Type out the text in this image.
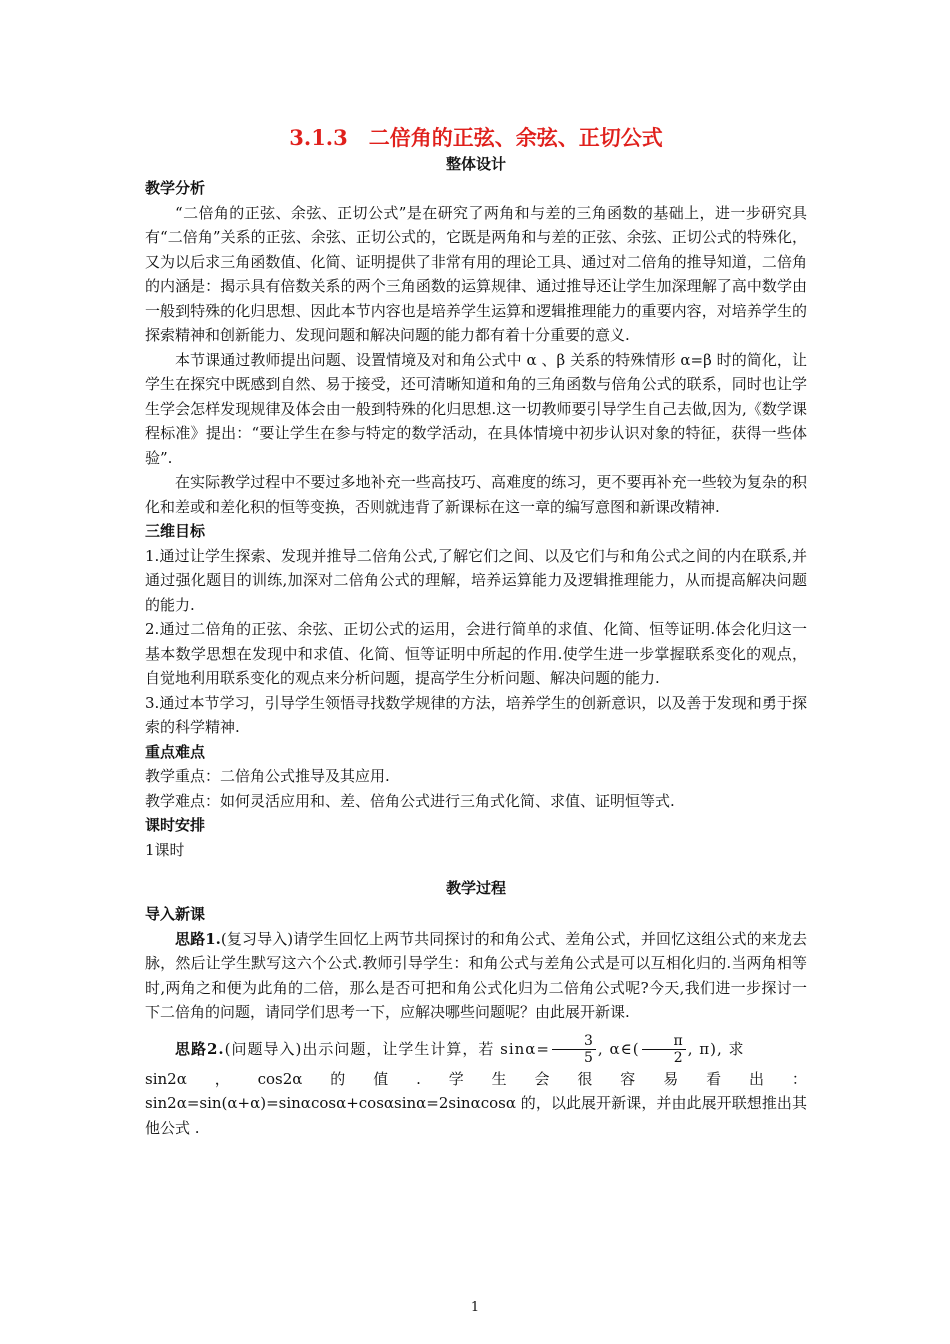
3.1.3　二倍角的正弦、余弦、正切公式
整体设计
教学分析

“二倍角的正弦、余弦、正切公式”是在研究了两角和与差的三角函数的基础上，进一步研究具有“二倍角”关系的正弦、余弦、正切公式的，它既是两角和与差的正弦、余弦、正切公式的特殊化，又为以后求三角函数值、化简、证明提供了非常有用的理论工具、通过对二倍角的推导知道，二倍角的内涵是：揭示具有倍数关系的两个三角函数的运算规律、通过推导还让学生加深理解了高中数学由一般到特殊的化归思想、因此本节内容也是培养学生运算和逻辑推理能力的重要内容，对培养学生的探索精神和创新能力、发现问题和解决问题的能力都有着十分重要的意义.

本节课通过教师提出问题、设置情境及对和角公式中 α 、β 关系的特殊情形 α=β 时的简化，让学生在探究中既感到自然、易于接受，还可清晰知道和角的三角函数与倍角公式的联系，同时也让学生学会怎样发现规律及体会由一般到特殊的化归思想.这一切教师要引导学生自己去做,因为,《数学课程标准》提出：“要让学生在参与特定的数学活动，在具体情境中初步认识对象的特征，获得一些体验”.

在实际教学过程中不要过多地补充一些高技巧、高难度的练习，更不要再补充一些较为复杂的积化和差或和差化积的恒等变换，否则就违背了新课标在这一章的编写意图和新课改精神.

三维目标

1.通过让学生探索、发现并推导二倍角公式,了解它们之间、以及它们与和角公式之间的内在联系,并通过强化题目的训练,加深对二倍角公式的理解，培养运算能力及逻辑推理能力，从而提高解决问题的能力.

2.通过二倍角的正弦、余弦、正切公式的运用，会进行简单的求值、化简、恒等证明.体会化归这一基本数学思想在发现中和求值、化简、恒等证明中所起的作用.使学生进一步掌握联系变化的观点，自觉地利用联系变化的观点来分析问题，提高学生分析问题、解决问题的能力.

3.通过本节学习，引导学生领悟寻找数学规律的方法，培养学生的创新意识，以及善于发现和勇于探索的科学精神.

重点难点

教学重点：二倍角公式推导及其应用.

教学难点：如何灵活应用和、差、倍角公式进行三角式化简、求值、证明恒等式.

课时安排

1课时

教学过程
导入新课

思路1.(复习导入)请学生回忆上两节共同探讨的和角公式、差角公式，并回忆这组公式的来龙去脉，然后让学生默写这六个公式.教师引导学生：和角公式与差角公式是可以互相化归的.当两角相等时,两角之和便为此角的二倍，那么是否可把和角公式化归为二倍角公式呢?今天,我们进一步探讨一下二倍角的问题，请同学们思考一下，应解决哪些问题呢？由此展开新课.

思路2.(问题导入)出示问题，让学生计算，若 $\sin\alpha= \frac{3}{5}$ , α∈( $\frac{\pi}{2}$ , π), 求

sin2α ， cos2α 的 值 . 学 生 会 很 容 易 看 出 ：

sin2α=sin(α+α)=sinαcosα+cosαsinα=2sinαcosα 的，以此展开新课，并由此展开联想推出其他公式 .

1
